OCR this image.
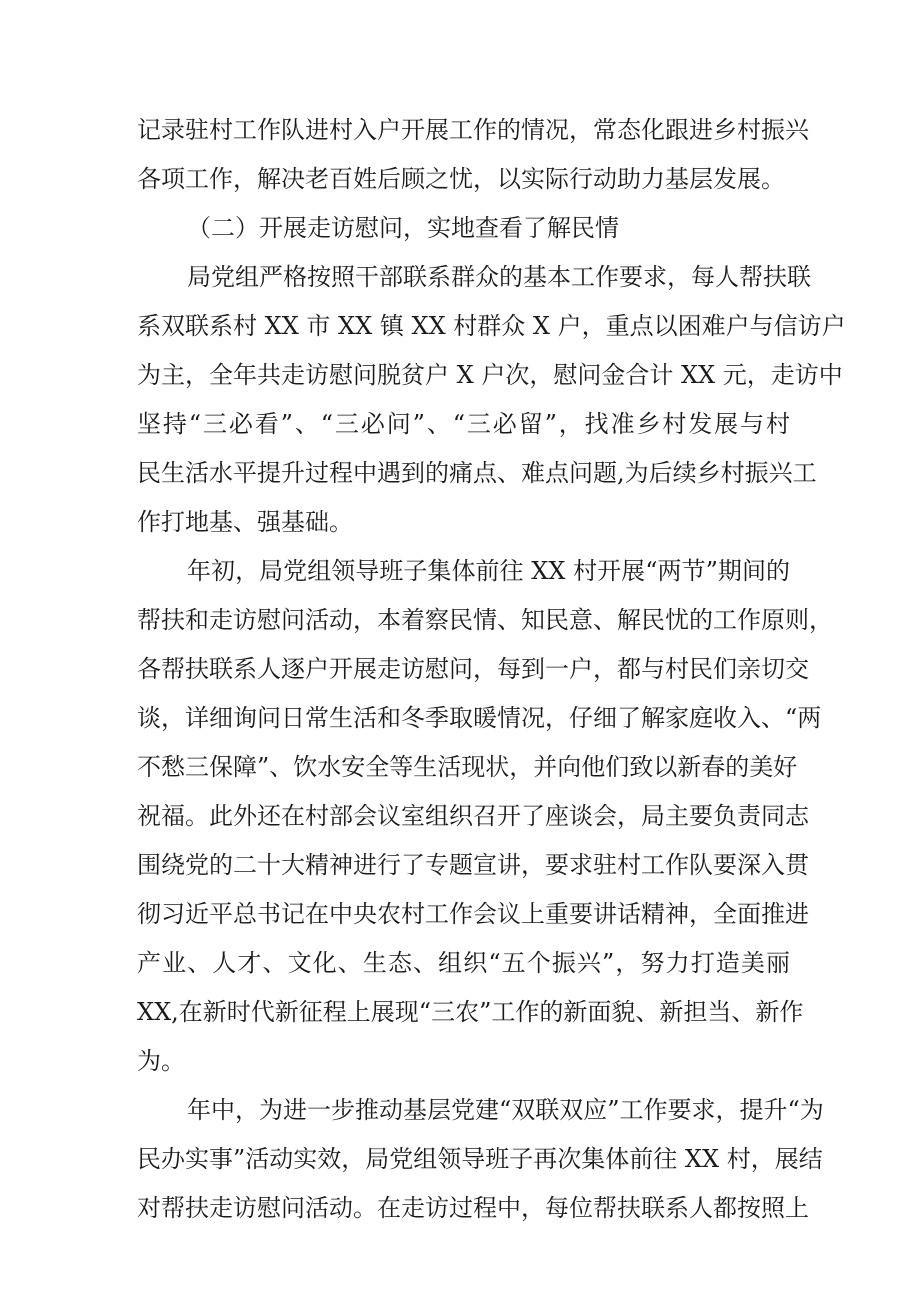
记录驻村工作队进村入户开展工作的情况，常态化跟进乡村振兴

各项工作，解决老百姓后顾之忧，以实际行动助力基层发展。

（二）开展走访慰问，实地查看了解民情

局党组严格按照干部联系群众的基本工作要求，每人帮扶联

系双联系村 XX 市 XX 镇 XX 村群众 X 户，重点以困难户与信访户

为主，全年共走访慰问脱贫户 X 户次，慰问金合计 XX 元，走访中

坚持“三必看”、“三必问”、“三必留”，找准乡村发展与村

民生活水平提升过程中遇到的痛点、难点问题,为后续乡村振兴工

作打地基、强基础。

年初，局党组领导班子集体前往 XX 村开展“两节”期间的

帮扶和走访慰问活动，本着察民情、知民意、解民忧的工作原则，

各帮扶联系人逐户开展走访慰问，每到一户，都与村民们亲切交

谈，详细询问日常生活和冬季取暖情况，仔细了解家庭收入、“两

不愁三保障”、饮水安全等生活现状，并向他们致以新春的美好

祝福。此外还在村部会议室组织召开了座谈会，局主要负责同志

围绕党的二十大精神进行了专题宣讲，要求驻村工作队要深入贯

彻习近平总书记在中央农村工作会议上重要讲话精神，全面推进

产业、人才、文化、生态、组织“五个振兴”，努力打造美丽

XX,在新时代新征程上展现“三农”工作的新面貌、新担当、新作

为。

年中，为进一步推动基层党建“双联双应”工作要求，提升“为

民办实事”活动实效，局党组领导班子再次集体前往 XX 村，展结

对帮扶走访慰问活动。在走访过程中，每位帮扶联系人都按照上
